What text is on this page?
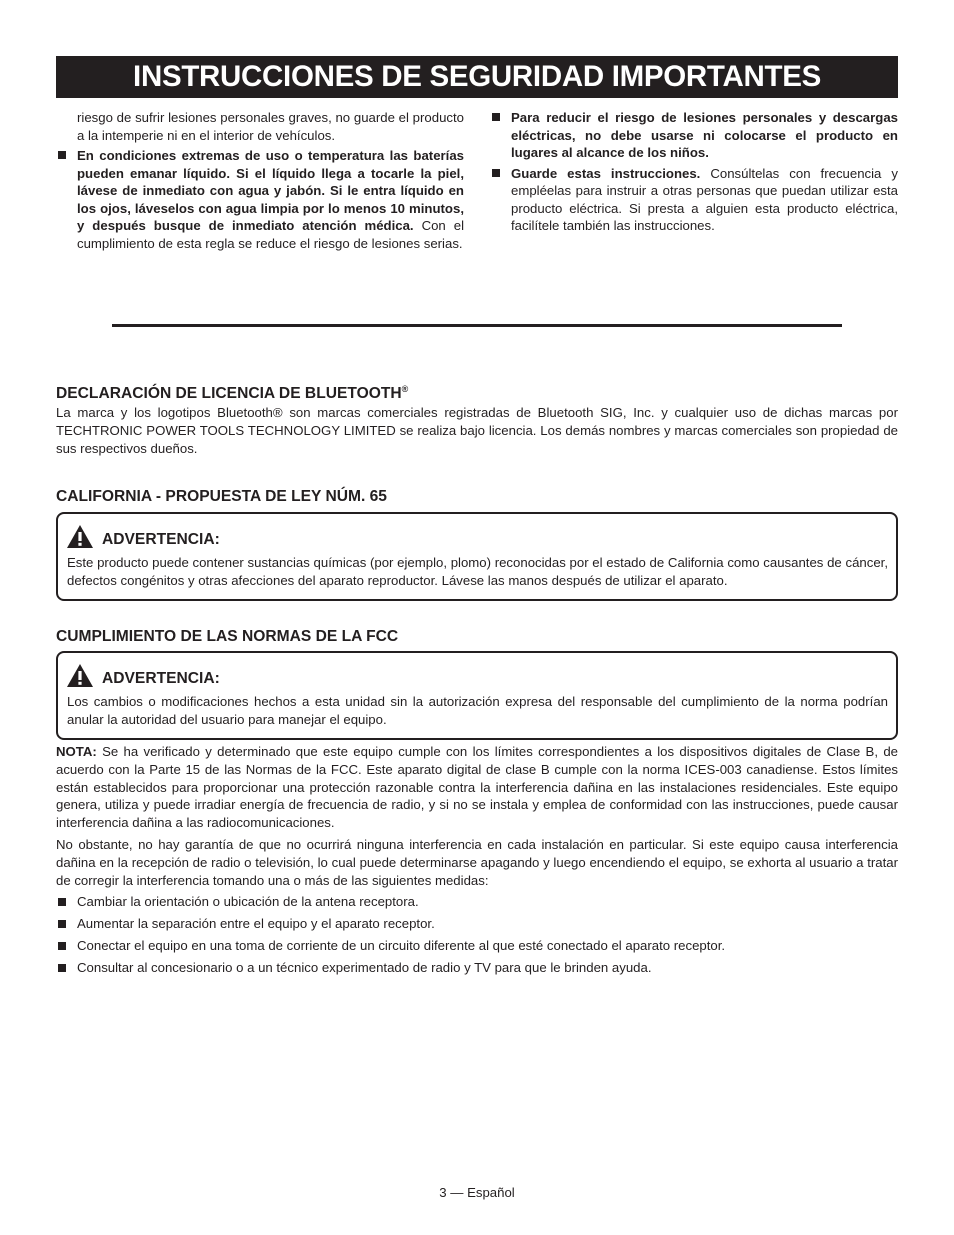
INSTRUCCIONES DE SEGURIDAD IMPORTANTES
riesgo de sufrir lesiones personales graves, no guarde el producto a la intemperie ni en el interior de vehículos.
En condiciones extremas de uso o temperatura las baterías pueden emanar líquido. Si el líquido llega a tocarle la piel, lávese de inmediato con agua y jabón. Si le entra líquido en los ojos, láveselos con agua limpia por lo menos 10 minutos, y después busque de inmediato atención médica. Con el cumplimiento de esta regla se reduce el riesgo de lesiones serias.
Para reducir el riesgo de lesiones personales y descargas eléctricas, no debe usarse ni colocarse el producto en lugares al alcance de los niños.
Guarde estas instrucciones. Consúltelas con frecuencia y empléelas para instruir a otras personas que puedan utilizar esta producto eléctrica. Si presta a alguien esta producto eléctrica, facilítele también las instrucciones.
DECLARACIÓN DE LICENCIA DE BLUETOOTH®
La marca y los logotipos Bluetooth® son marcas comerciales registradas de Bluetooth SIG, Inc. y cualquier uso de dichas marcas por TECHTRONIC POWER TOOLS TECHNOLOGY LIMITED se realiza bajo licencia. Los demás nombres y marcas comerciales son propiedad de sus respectivos dueños.
CALIFORNIA - PROPUESTA DE LEY NÚM. 65
ADVERTENCIA:
Este producto puede contener sustancias químicas (por ejemplo, plomo) reconocidas por el estado de California como causantes de cáncer, defectos congénitos y otras afecciones del aparato reproductor. Lávese las manos después de utilizar el aparato.
CUMPLIMIENTO DE LAS NORMAS DE LA FCC
ADVERTENCIA:
Los cambios o modificaciones hechos a esta unidad sin la autorización expresa del responsable del cumplimiento de la norma podrían anular la autoridad del usuario para manejar el equipo.
NOTA: Se ha verificado y determinado que este equipo cumple con los límites correspondientes a los dispositivos digitales de Clase B, de acuerdo con la Parte 15 de las Normas de la FCC. Este aparato digital de clase B cumple con la norma ICES-003 canadiense. Estos límites están establecidos para proporcionar una protección razonable contra la interferencia dañina en las instalaciones residenciales. Este equipo genera, utiliza y puede irradiar energía de frecuencia de radio, y si no se instala y emplea de conformidad con las instrucciones, puede causar interferencia dañina a las radiocomunicaciones.
No obstante, no hay garantía de que no ocurrirá ninguna interferencia en cada instalación en particular. Si este equipo causa interferencia dañina en la recepción de radio o televisión, lo cual puede determinarse apagando y luego encendiendo el equipo, se exhorta al usuario a tratar de corregir la interferencia tomando una o más de las siguientes medidas:
Cambiar la orientación o ubicación de la antena receptora.
Aumentar la separación entre el equipo y el aparato receptor.
Conectar el equipo en una toma de corriente de un circuito diferente al que esté conectado el aparato receptor.
Consultar al concesionario o a un técnico experimentado de radio y TV para que le brinden ayuda.
3 — Español
